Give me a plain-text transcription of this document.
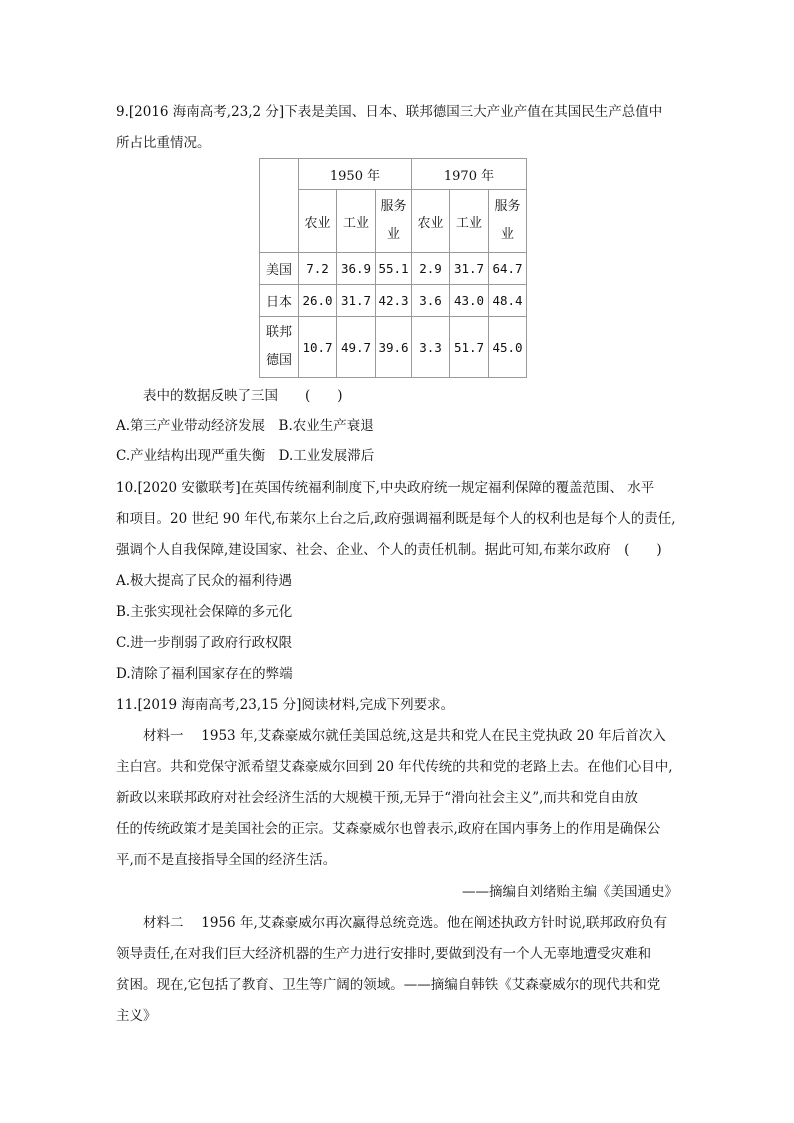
9.[2016 海南高考,23,2 分]下表是美国、日本、联邦德国三大产业产值在其国民生产总值中
所占比重情况。
	1950 年			1970 年		
	农业	工业	服务业	农业	工业	服务业

美国	7.2	36.9	55.1	2.9	31.7	64.7
日本	26.0	31.7	42.3	3.6	43.0	48.4

联邦德国	10.7	49.7	39.6	3.3	51.7	45.0
表中的数据反映了三国　　(　　)
A.第三产业带动经济发展　B.农业生产衰退
C.产业结构出现严重失衡　D.工业发展滞后
10.[2020 安徽联考]在英国传统福利制度下,中央政府统一规定福利保障的覆盖范围、 水平
和项目。20 世纪 90 年代,布莱尔上台之后,政府强调福利既是每个人的权利也是每个人的责任,
强调个人自我保障,建设国家、社会、企业、个人的责任机制。据此可知,布莱尔政府　(　　)
A.极大提高了民众的福利待遇
B.主张实现社会保障的多元化
C.进一步削弱了政府行政权限
D.清除了福利国家存在的弊端
11.[2019 海南高考,23,15 分]阅读材料,完成下列要求。
材料一　 1953 年,艾森豪威尔就任美国总统,这是共和党人在民主党执政 20 年后首次入
主白宫。共和党保守派希望艾森豪威尔回到 20 年代传统的共和党的老路上去。在他们心目中,
新政以来联邦政府对社会经济生活的大规模干预,无异于“滑向社会主义”,而共和党自由放
任的传统政策才是美国社会的正宗。艾森豪威尔也曾表示,政府在国内事务上的作用是确保公
平,而不是直接指导全国的经济生活。
——摘编自刘绪贻主编《美国通史》
材料二　 1956 年,艾森豪威尔再次赢得总统竞选。他在阐述执政方针时说,联邦政府负有
领导责任,在对我们巨大经济机器的生产力进行安排时,要做到没有一个人无辜地遭受灾难和
贫困。现在,它包括了教育、卫生等广阔的领域。——摘编自韩铁《艾森豪威尔的现代共和党
主义》
